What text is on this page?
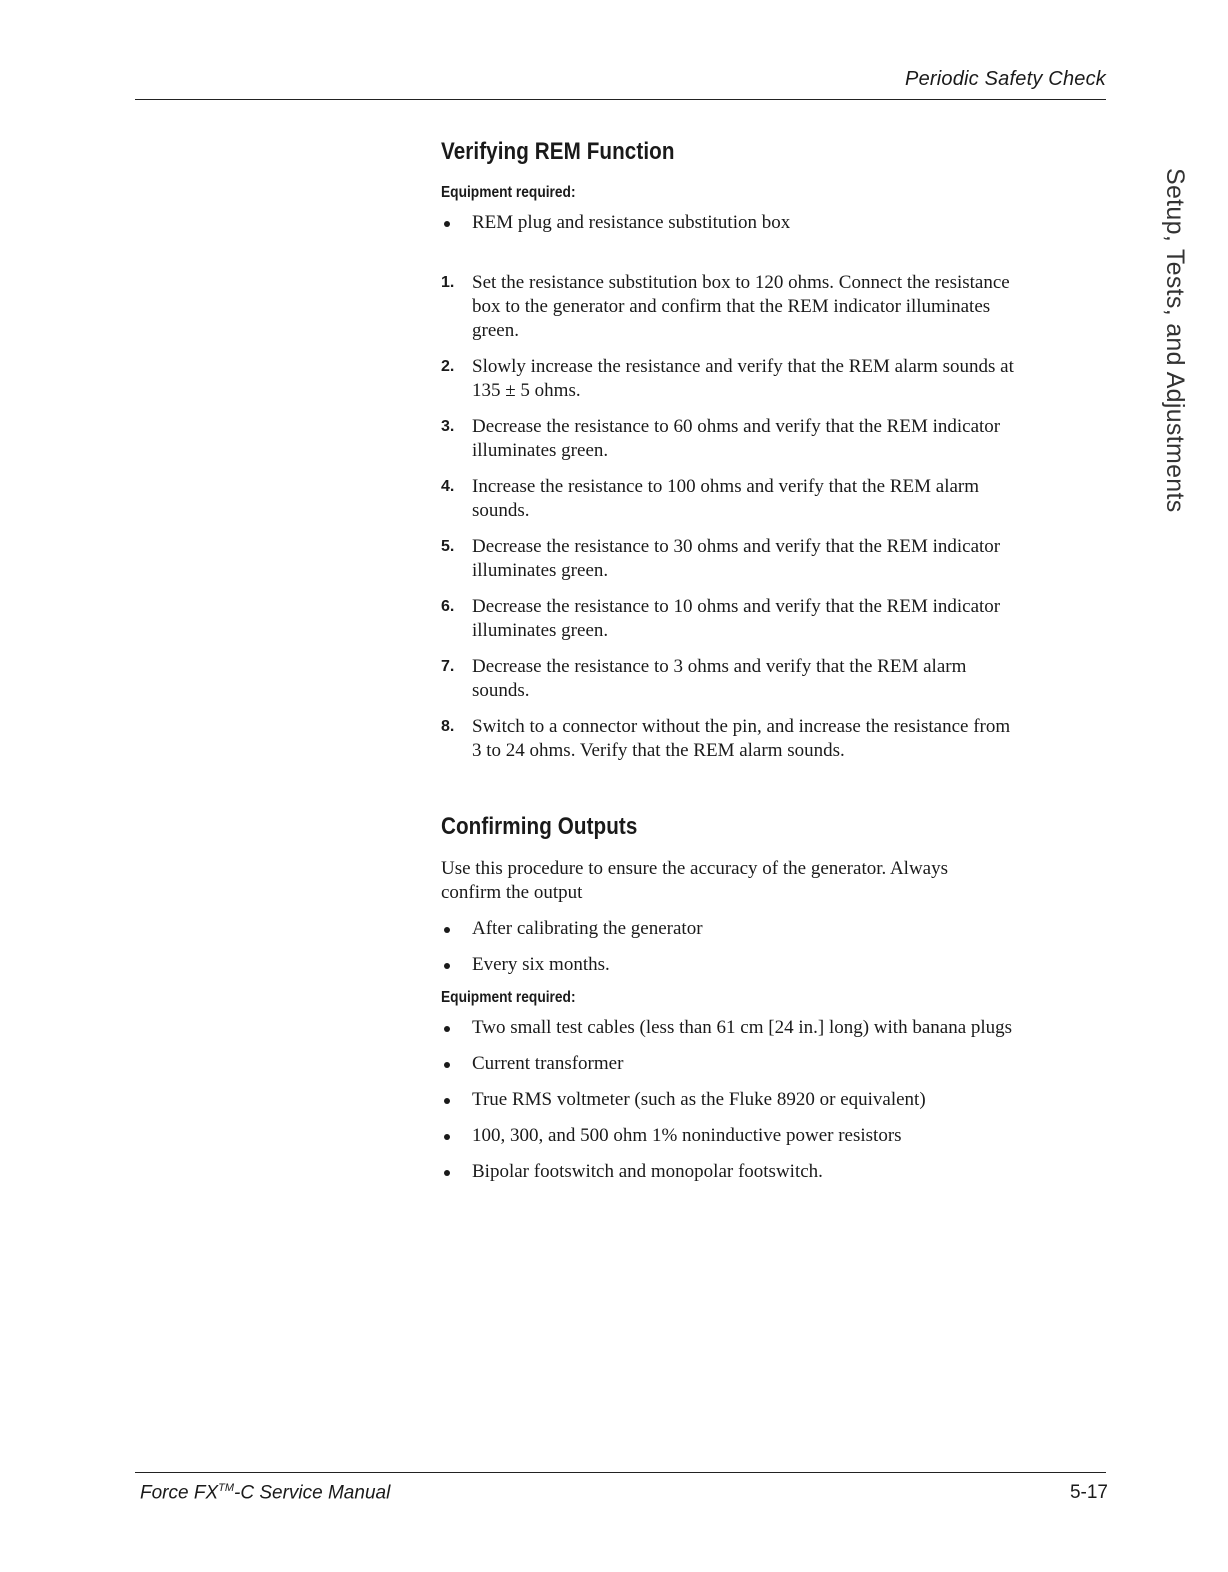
Periodic Safety Check
Setup, Tests, and Adjustments
Verifying REM Function
Equipment required:
REM plug and resistance substitution box
1. Set the resistance substitution box to 120 ohms. Connect the resistance
box to the generator and confirm that the REM indicator illuminates
green.
2. Slowly increase the resistance and verify that the REM alarm sounds at
135 ± 5 ohms.
3. Decrease the resistance to 60 ohms and verify that the REM indicator
illuminates green.
4. Increase the resistance to 100 ohms and verify that the REM alarm
sounds.
5. Decrease the resistance to 30 ohms and verify that the REM indicator
illuminates green.
6. Decrease the resistance to 10 ohms and verify that the REM indicator
illuminates green.
7. Decrease the resistance to 3 ohms and verify that the REM alarm
sounds.
8. Switch to a connector without the pin, and increase the resistance from
3 to 24 ohms. Verify that the REM alarm sounds.
Confirming Outputs

Use this procedure to ensure the accuracy of the generator. Always
confirm the output

After calibrating the generator
Every six months.
Equipment required:
Two small test cables (less than 61 cm [24 in.] long) with banana plugs
Current transformer
True RMS voltmeter (such as the Fluke 8920 or equivalent)
100, 300, and 500 ohm 1% noninductive power resistors
Bipolar footswitch and monopolar footswitch.
Force FX™-C Service Manual	5-17
